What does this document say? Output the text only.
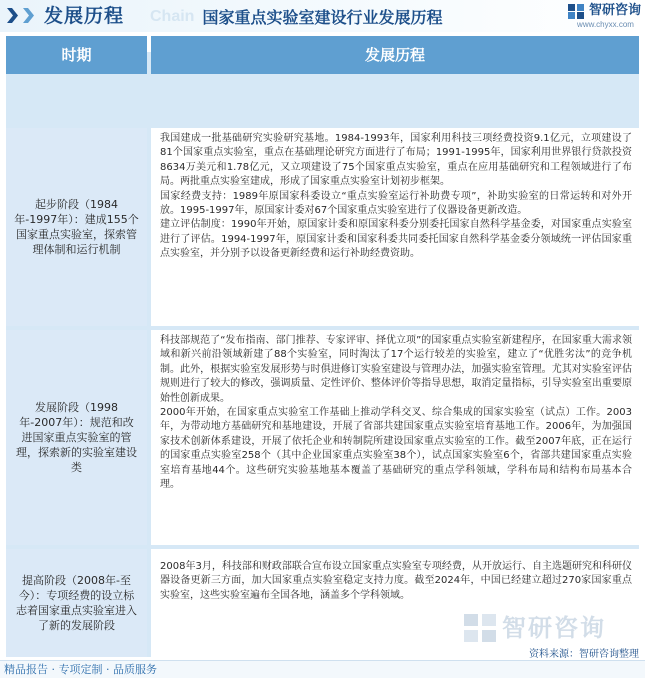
发展历程 Chain	智研咨询
www.chyxx.com
国家重点实验室建设行业发展历程
时期	发展历程
起步阶段（1984年-1997年）：建成155个国家重点实验室，探索管理体制和运行机制

我国建成一批基础研究实验研究基地。1984-1993年，国家利用科技三项经费投资9.1亿元，立项建设了81个国家重点实验室，重点在基础理论研究方面进行了布局；1991-1995年，国家利用世界银行贷款投资8634万美元和1.78亿元，又立项建设了75个国家重点实验室，重点在应用基础研究和工程领域进行了布局。两批重点实验室建成，形成了国家重点实验室计划初步框架。

国家经费支持：1989年原国家科委设立“重点实验室运行补助费专项”，补助实验室的日常运转和对外开放。1995-1997年，原国家计委对67个国家重点实验室进行了仪器设备更新改造。

建立评估制度：1990年开始，原国家计委和原国家科委分别委托国家自然科学基金委，对国家重点实验室进行了评估。1994-1997年，原国家计委和国家科委共同委托国家自然科学基金委分领域统一评估国家重点实验室，并分别予以设备更新经费和运行补助经费资助。

发展阶段（1998年-2007年）：规范和改进国家重点实验室的管理，探索新的实验室建设类

科技部规范了“发布指南、部门推荐、专家评审、择优立项”的国家重点实验室新建程序，在国家重大需求领域和新兴前沿领域新建了88个实验室，同时淘汰了17个运行较差的实验室，建立了“优胜劣汰”的竞争机制。此外，根据实验室发展形势与时俱进修订实验室建设与管理办法，加强实验室管理。尤其对实验室评估规则进行了较大的修改，强调质量、定性评价、整体评价等指导思想，取消定量指标，引导实验室出重要原始性创新成果。

2000年开始，在国家重点实验室工作基础上推动学科交叉、综合集成的国家实验室（试点）工作。2003年，为带动地方基础研究和基地建设，开展了省部共建国家重点实验室培育基地工作。2006年，为加强国家技术创新体系建设，开展了依托企业和转制院所建设国家重点实验室的工作。截至2007年底，正在运行的国家重点实验室258个（其中企业国家重点实验室38个），试点国家实验室6个，省部共建国家重点实验室培育基地44个。这些研究实验基地基本覆盖了基础研究的重点学科领域，学科布局和结构布局基本合理。

提高阶段（2008年-至今）：专项经费的设立标志着国家重点实验室进入了新的发展阶段

2008年3月，科技部和财政部联合宣布设立国家重点实验室专项经费，从开放运行、自主选题研究和科研仪器设备更新三方面，加大国家重点实验室稳定支持力度。截至2024年，中国已经建立超过270家国家重点实验室，这些实验室遍布全国各地，涵盖多个学科领域。

智研咨询
资料来源：智研咨询整理
精品报告 · 专项定制 · 品质服务
